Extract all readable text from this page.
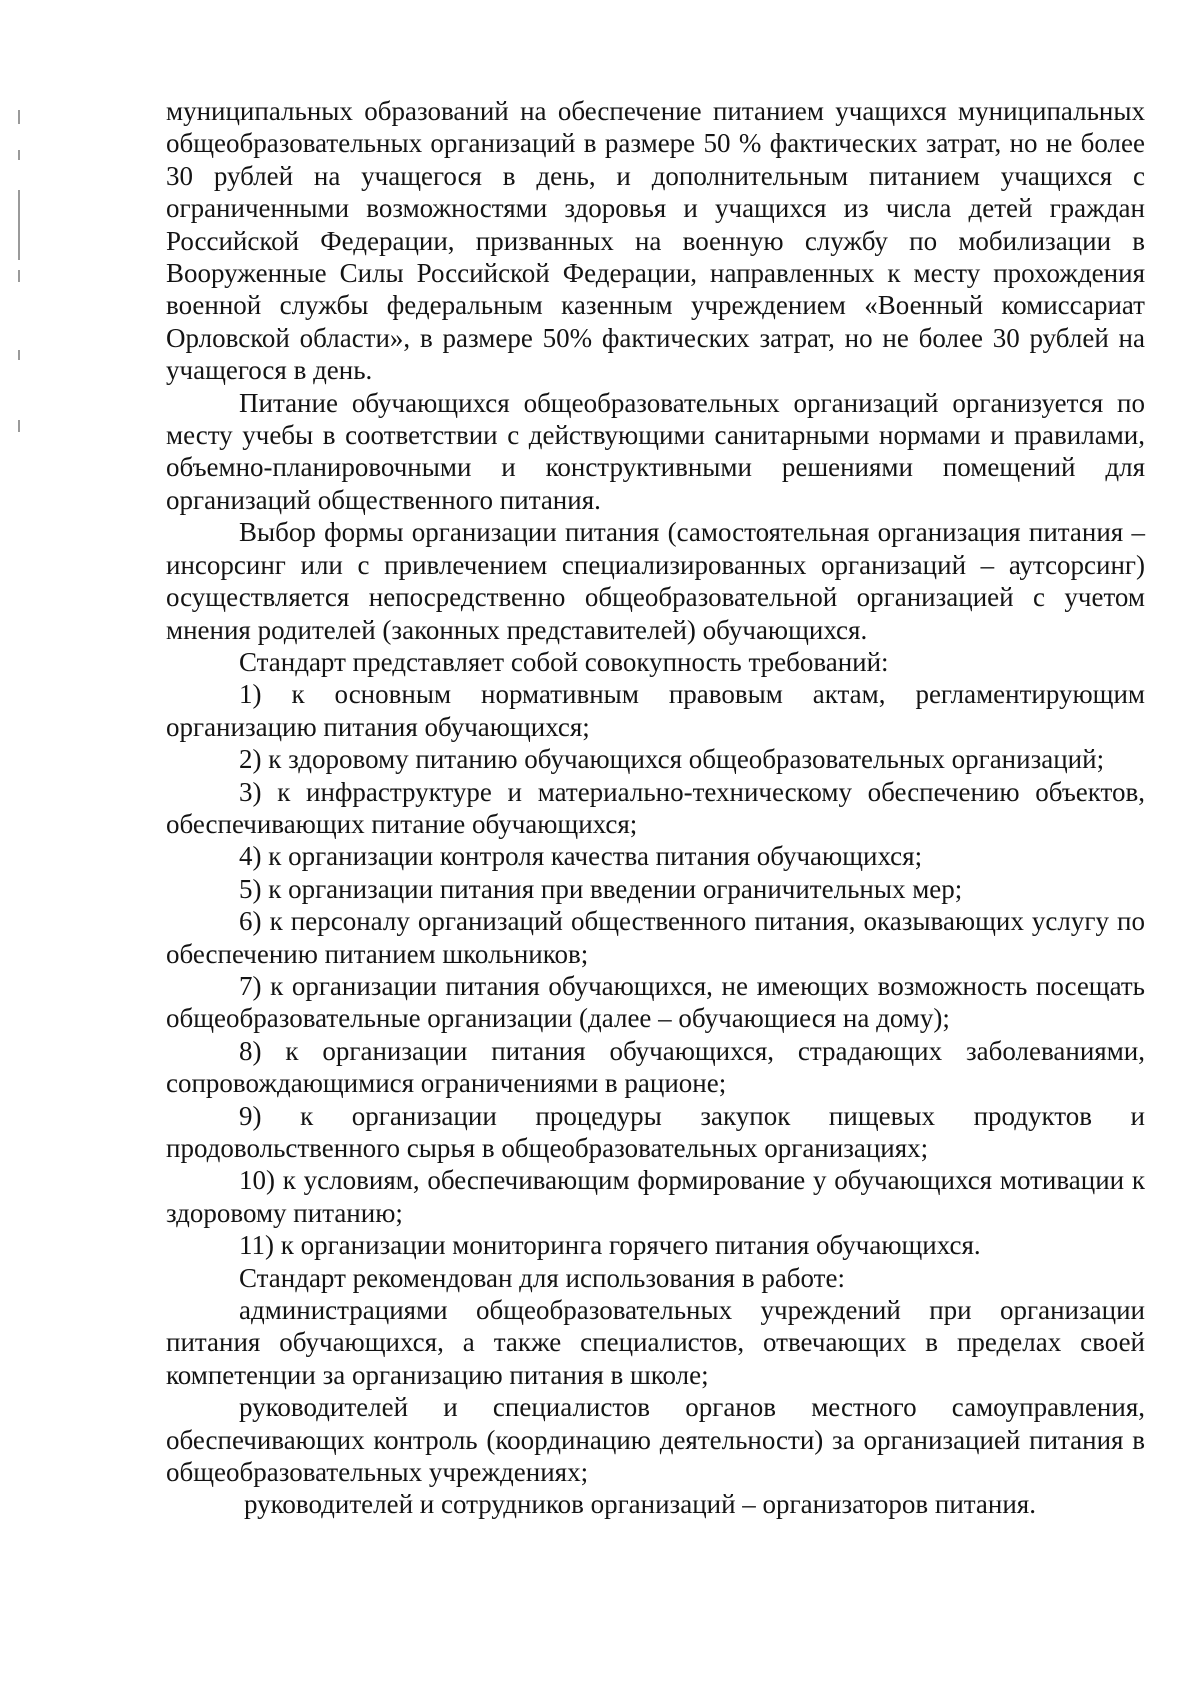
муниципальных образований на обеспечение питанием учащихся муниципальных общеобразовательных организаций в размере 50 % фактических затрат, но не более 30 рублей на учащегося в день, и дополнительным питанием учащихся с ограниченными возможностями здоровья и учащихся из числа детей граждан Российской Федерации, призванных на военную службу по мобилизации в Вооруженные Силы Российской Федерации, направленных к месту прохождения военной службы федеральным казенным учреждением «Военный комиссариат Орловской области», в размере 50% фактических затрат, но не более 30 рублей на учащегося в день.

Питание обучающихся общеобразовательных организаций организуется по месту учебы в соответствии с действующими санитарными нормами и правилами, объемно-планировочными и конструктивными решениями помещений для организаций общественного питания.

Выбор формы организации питания (самостоятельная организация питания – инсорсинг или с привлечением специализированных организаций – аутсорсинг) осуществляется непосредственно общеобразовательной организацией с учетом мнения родителей (законных представителей) обучающихся.

Стандарт представляет собой совокупность требований:

1) к основным нормативным правовым актам, регламентирующим организацию питания обучающихся;

2) к здоровому питанию обучающихся общеобразовательных организаций;

3) к инфраструктуре и материально-техническому обеспечению объектов, обеспечивающих питание обучающихся;

4) к организации контроля качества питания обучающихся;

5) к организации питания при введении ограничительных мер;

6) к персоналу организаций общественного питания, оказывающих услугу по обеспечению питанием школьников;

7) к организации питания обучающихся, не имеющих возможность посещать общеобразовательные организации (далее – обучающиеся на дому);

8) к организации питания обучающихся, страдающих заболеваниями, сопровождающимися ограничениями в рационе;

9) к организации процедуры закупок пищевых продуктов и продовольственного сырья в общеобразовательных организациях;

10) к условиям, обеспечивающим формирование у обучающихся мотивации к здоровому питанию;

11) к организации мониторинга горячего питания обучающихся.

Стандарт рекомендован для использования в работе:

администрациями общеобразовательных учреждений при организации питания обучающихся, а также специалистов, отвечающих в пределах своей компетенции за организацию питания в школе;

руководителей и специалистов органов местного самоуправления, обеспечивающих контроль (координацию деятельности) за организацией питания в общеобразовательных учреждениях;

руководителей и сотрудников организаций – организаторов питания.
